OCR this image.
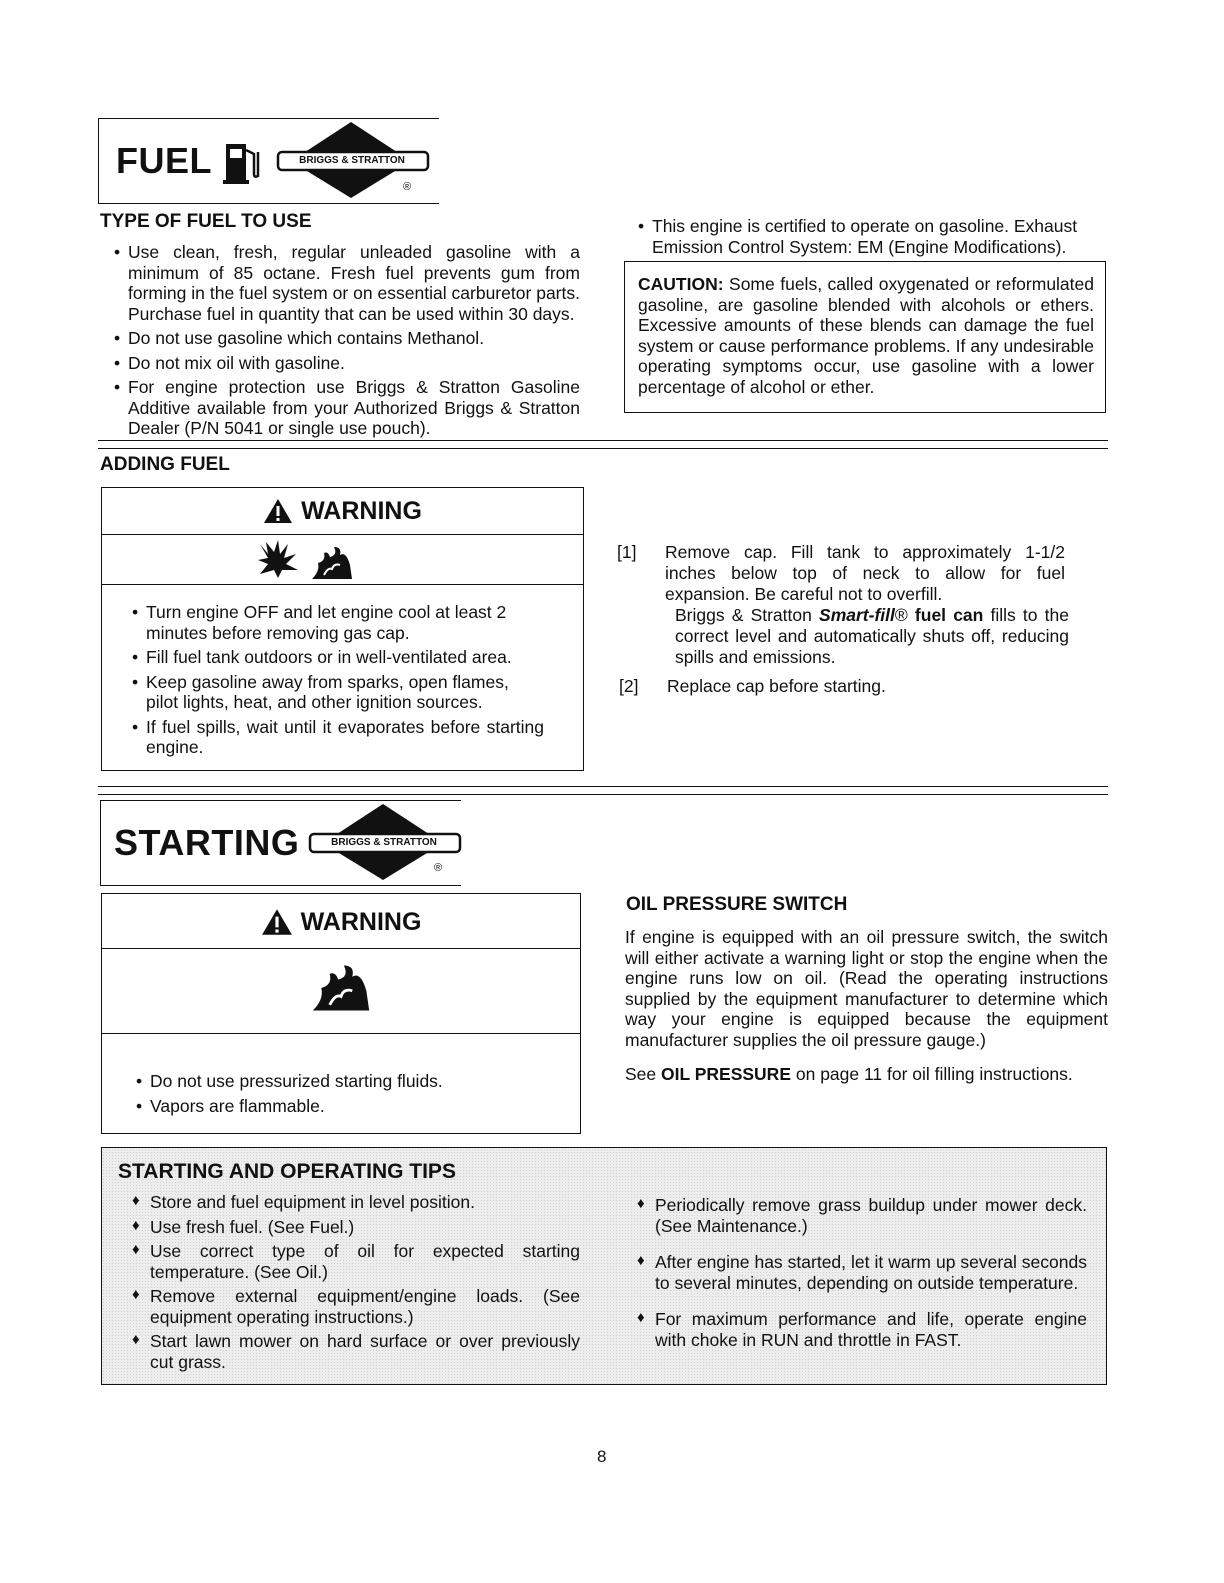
FUEL	BRIGGS & STRATTON
®
TYPE OF FUEL TO USE
• Use clean, fresh, regular unleaded gasoline with a minimum of 85 octane. Fresh fuel prevents gum from forming in the fuel system or on essential carburetor parts. Purchase fuel in quantity that can be used within 30 days.
• Do not use gasoline which contains Methanol.
• Do not mix oil with gasoline.
• For engine protection use Briggs & Stratton Gasoline Additive available from your Authorized Briggs & Stratton Dealer (P/N 5041 or single use pouch).
• This engine is certified to operate on gasoline. Exhaust Emission Control System: EM (Engine Modifications).
CAUTION: Some fuels, called oxygenated or reformulated gasoline, are gasoline blended with alcohols or ethers. Excessive amounts of these blends can damage the fuel system or cause performance problems. If any undesirable operating symptoms occur, use gasoline with a lower percentage of alcohol or ether.
ADDING FUEL
WARNING
• Turn engine OFF and let engine cool at least 2 minutes before removing gas cap.
• Fill fuel tank outdoors or in well-ventilated area.
• Keep gasoline away from sparks, open flames, pilot lights, heat, and other ignition sources.
• If fuel spills, wait until it evaporates before starting engine.
[1]	Remove cap. Fill tank to approximately 1-1/2 inches below top of neck to allow for fuel expansion. Be careful not to overfill.
Briggs & Stratton Smart-fill® fuel can fills to the correct level and automatically shuts off, reducing spills and emissions.
[2]	Replace cap before starting.
STARTING	BRIGGS & STRATTON
®
WARNING
• Do not use pressurized starting fluids.
• Vapors are flammable.
OIL PRESSURE SWITCH
If engine is equipped with an oil pressure switch, the switch will either activate a warning light or stop the engine when the engine runs low on oil. (Read the operating instructions supplied by the equipment manufacturer to determine which way your engine is equipped because the equipment manufacturer supplies the oil pressure gauge.)
See OIL PRESSURE on page 11 for oil filling instructions.
STARTING AND OPERATING TIPS
♦ Store and fuel equipment in level position.
♦ Use fresh fuel. (See Fuel.)
♦ Use correct type of oil for expected starting temperature. (See Oil.)
♦ Remove external equipment/engine loads. (See equipment operating instructions.)
♦ Start lawn mower on hard surface or over previously cut grass.
♦ Periodically remove grass buildup under mower deck. (See Maintenance.)
♦ After engine has started, let it warm up several seconds to several minutes, depending on outside temperature.
♦ For maximum performance and life, operate engine with choke in RUN and throttle in FAST.
8
